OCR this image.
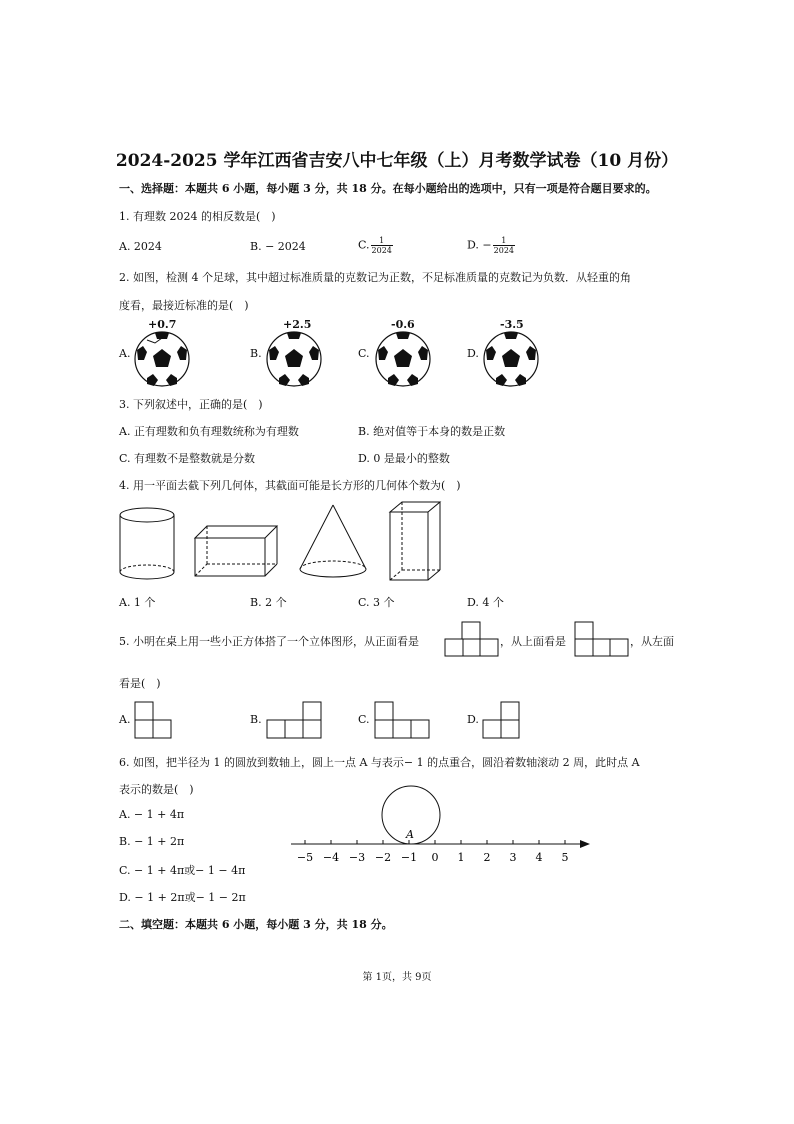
2024-2025 学年江西省吉安八中七年级（上）月考数学试卷（10 月份）
一、选择题：本题共 6 小题，每小题 3 分，共 18 分。在每小题给出的选项中，只有一项是符合题目要求的。
1. 有理数 2024 的相反数是(　)
A. 2024	B. − 2024	C. $\frac{1}{2024}$	D. − $\frac{1}{2024}$
2. 如图，检测 4 个足球，其中超过标准质量的克数记为正数，不足标准质量的克数记为负数．从轻重的角
度看，最接近标准的是(　)
A.
+0.7
B.
+2.5
C.
-0.6
D.
-3.5
3. 下列叙述中，正确的是(　)
A. 正有理数和负有理数统称为有理数	B. 绝对值等于本身的数是正数
C. 有理数不是整数就是分数	D. 0 是最小的整数
4. 用一平面去截下列几何体，其截面可能是长方形的几何体个数为(　)
A. 1 个	B. 2 个	C. 3 个	D. 4 个
5. 小明在桌上用一些小正方体搭了一个立体图形，从正面看是	，从上面看是	，从左面
看是(　)
A.	B.	C.	D.
6. 如图，把半径为 1 的圆放到数轴上，圆上一点 A 与表示− 1 的点重合，圆沿着数轴滚动 2 周，此时点 A
表示的数是(　)
A. − 1 + 4π
B. − 1 + 2π
C. − 1 + 4π或− 1 − 4π
D. − 1 + 2π或− 1 − 2π
−5 −4 −3 −2 −1 0 1 2 3 4 5
A
二、填空题：本题共 6 小题，每小题 3 分，共 18 分。
第 1页，共 9页
